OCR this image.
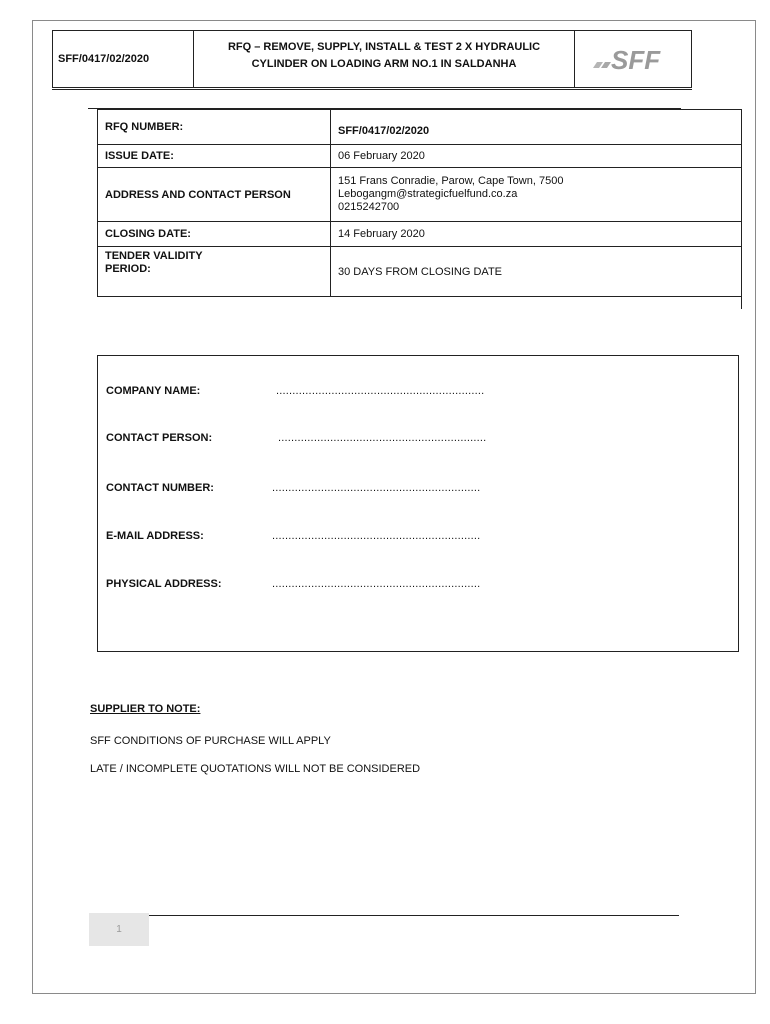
SFF/0417/02/2020
RFQ – REMOVE, SUPPLY, INSTALL & TEST 2 X HYDRAULIC
CYLINDER ON LOADING ARM NO.1 IN SALDANHA	SFF
RFQ NUMBER:	SFF/0417/02/2020
ISSUE DATE:	06 February 2020
ADDRESS AND CONTACT PERSON	151 Frans Conradie, Parow, Cape Town, 7500
Lebogangm@strategicfuelfund.co.za
0215242700

CLOSING DATE:	14 February 2020

TENDER VALIDITY
PERIOD:	30 DAYS FROM CLOSING DATE
COMPANY NAME:	................................................................
CONTACT PERSON:	................................................................
CONTACT NUMBER:	................................................................
E-MAIL ADDRESS:	................................................................
PHYSICAL ADDRESS:	................................................................
SUPPLIER TO NOTE:
SFF CONDITIONS OF PURCHASE WILL APPLY
LATE / INCOMPLETE QUOTATIONS WILL NOT BE CONSIDERED
1
